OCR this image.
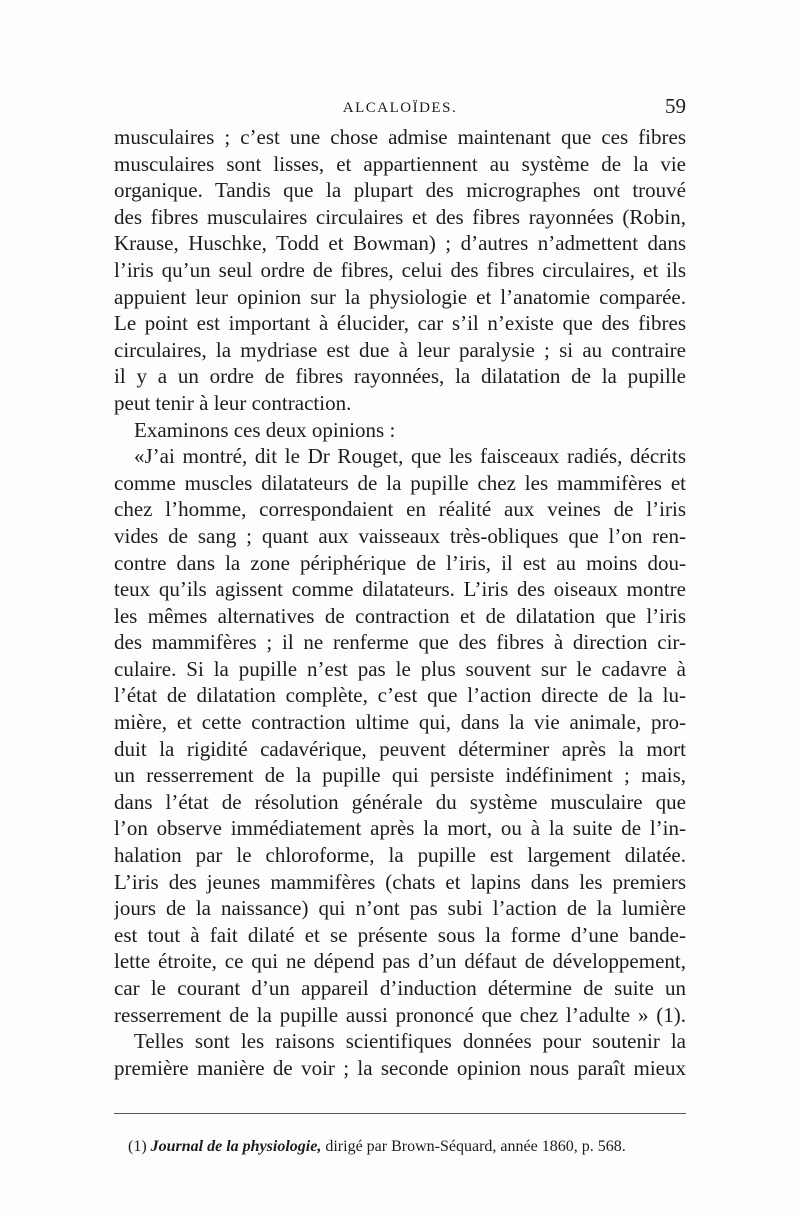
ALCALOÏDES.	59
musculaires ; c’est une chose admise maintenant que ces fibres
musculaires sont lisses, et appartiennent au système de la vie
organique. Tandis que la plupart des micrographes ont trouvé
des fibres musculaires circulaires et des fibres rayonnées (Robin,
Krause, Huschke, Todd et Bowman) ; d’autres n’admettent dans
l’iris qu’un seul ordre de fibres, celui des fibres circulaires, et ils
appuient leur opinion sur la physiologie et l’anatomie comparée.
Le point est important à élucider, car s’il n’existe que des fibres
circulaires, la mydriase est due à leur paralysie ; si au contraire
il y a un ordre de fibres rayonnées, la dilatation de la pupille
peut tenir à leur contraction.
Examinons ces deux opinions :
«J’ai montré, dit le Dr Rouget, que les faisceaux radiés, décrits
comme muscles dilatateurs de la pupille chez les mammifères et
chez l’homme, correspondaient en réalité aux veines de l’iris
vides de sang ; quant aux vaisseaux très-obliques que l’on ren-
contre dans la zone périphérique de l’iris, il est au moins dou-
teux qu’ils agissent comme dilatateurs. L’iris des oiseaux montre
les mêmes alternatives de contraction et de dilatation que l’iris
des mammifères ; il ne renferme que des fibres à direction cir-
culaire. Si la pupille n’est pas le plus souvent sur le cadavre à
l’état de dilatation complète, c’est que l’action directe de la lu-
mière, et cette contraction ultime qui, dans la vie animale, pro-
duit la rigidité cadavérique, peuvent déterminer après la mort
un resserrement de la pupille qui persiste indéfiniment ; mais,
dans l’état de résolution générale du système musculaire que
l’on observe immédiatement après la mort, ou à la suite de l’in-
halation par le chloroforme, la pupille est largement dilatée.
L’iris des jeunes mammifères (chats et lapins dans les premiers
jours de la naissance) qui n’ont pas subi l’action de la lumière
est tout à fait dilaté et se présente sous la forme d’une bande-
lette étroite, ce qui ne dépend pas d’un défaut de développement,
car le courant d’un appareil d’induction détermine de suite un
resserrement de la pupille aussi prononcé que chez l’adulte » (1).
Telles sont les raisons scientifiques données pour soutenir la
première manière de voir ; la seconde opinion nous paraît mieux
(1) Journal de la physiologie, dirigé par Brown-Séquard, année 1860, p. 568.
